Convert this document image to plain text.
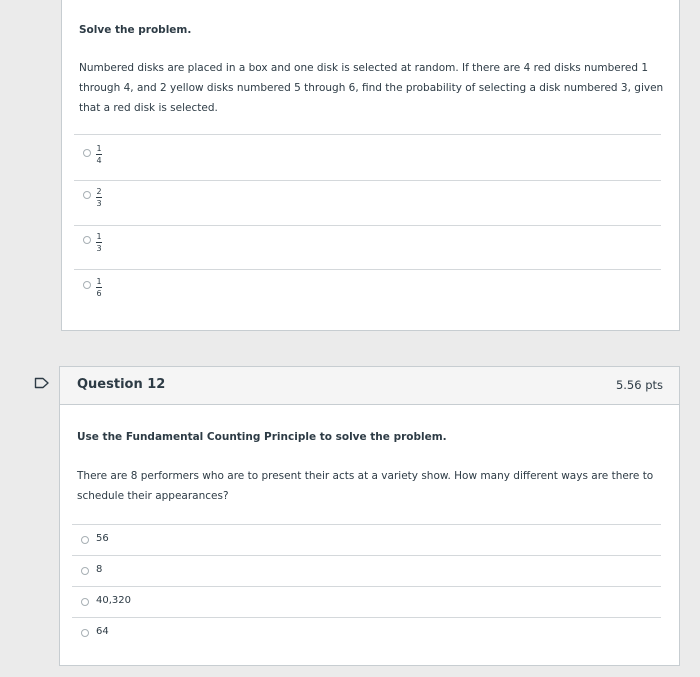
Solve the problem.
Numbered disks are placed in a box and one disk is selected at random. If there are 4 red disks numbered 1 through 4, and 2 yellow disks numbered 5 through 6, find the probability of selecting a disk numbered 3, given that a red disk is selected.
1
4
2
3
1
3
1
6
Question 12	5.56 pts
Use the Fundamental Counting Principle to solve the problem.
There are 8 performers who are to present their acts at a variety show. How many different ways are there to schedule their appearances?
56
8
40,320
64
